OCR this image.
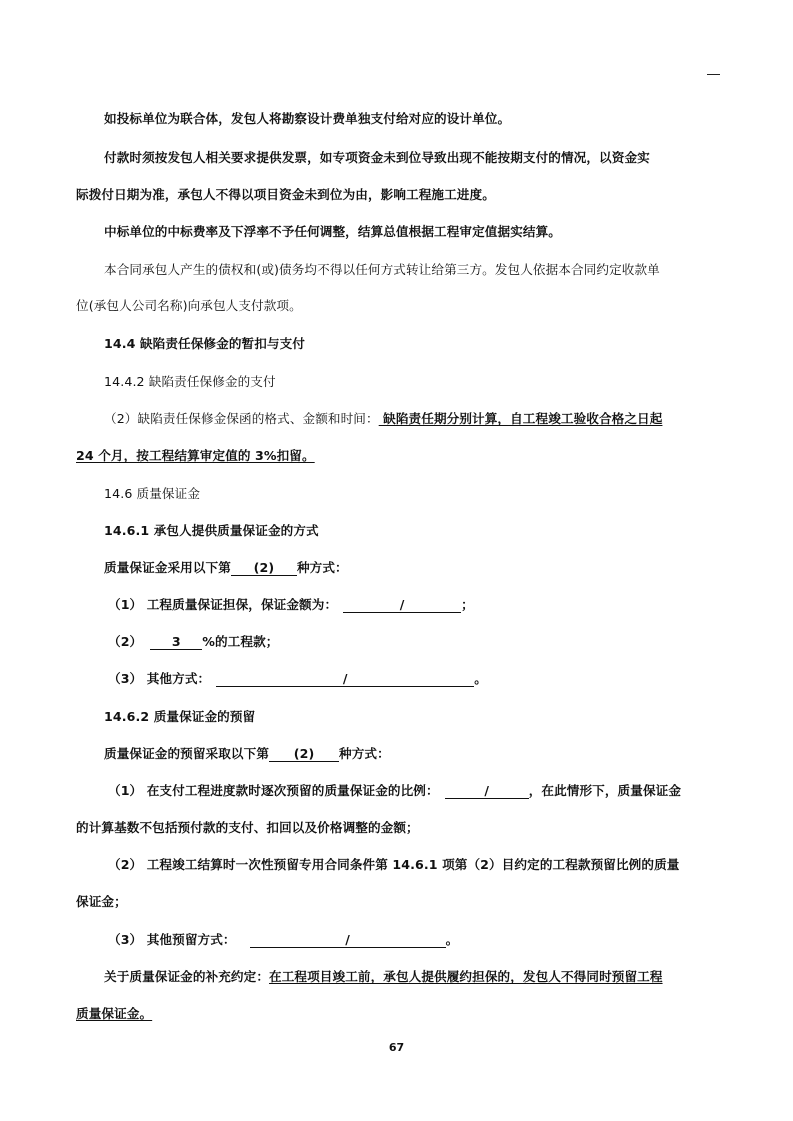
如投标单位为联合体，发包人将勘察设计费单独支付给对应的设计单位。
付款时须按发包人相关要求提供发票，如专项资金未到位导致出现不能按期支付的情况，以资金实
际拨付日期为准，承包人不得以项目资金未到位为由，影响工程施工进度。
中标单位的中标费率及下浮率不予任何调整，结算总值根据工程审定值据实结算。
本合同承包人产生的债权和(或)债务均不得以任何方式转让给第三方。发包人依据本合同约定收款单
位(承包人公司名称)向承包人支付款项。
14.4 缺陷责任保修金的暂扣与支付
14.4.2 缺陷责任保修金的支付
（2）缺陷责任保修金保函的格式、金额和时间： 缺陷责任期分别计算，自工程竣工验收合格之日起
24 个月，按工程结算审定值的 3%扣留。
14.6 质量保证金
14.6.1 承包人提供质量保证金的方式
质量保证金采用以下第 (2) 种方式：
（1） 工程质量保证担保，保证金额为：	/	；
（2） 3 %的工程款；
（3） 其他方式：	/	。
14.6.2 质量保证金的预留
质量保证金的预留采取以下第 (2) 种方式：
（1） 在支付工程进度款时逐次预留的质量保证金的比例：	/	，在此情形下，质量保证金
的计算基数不包括预付款的支付、扣回以及价格调整的金额；
（2） 工程竣工结算时一次性预留专用合同条件第 14.6.1 项第（2）目约定的工程款预留比例的质量
保证金；
（3） 其他预留方式：	/	。
关于质量保证金的补充约定：在工程项目竣工前，承包人提供履约担保的，发包人不得同时预留工程
质量保证金。
67
